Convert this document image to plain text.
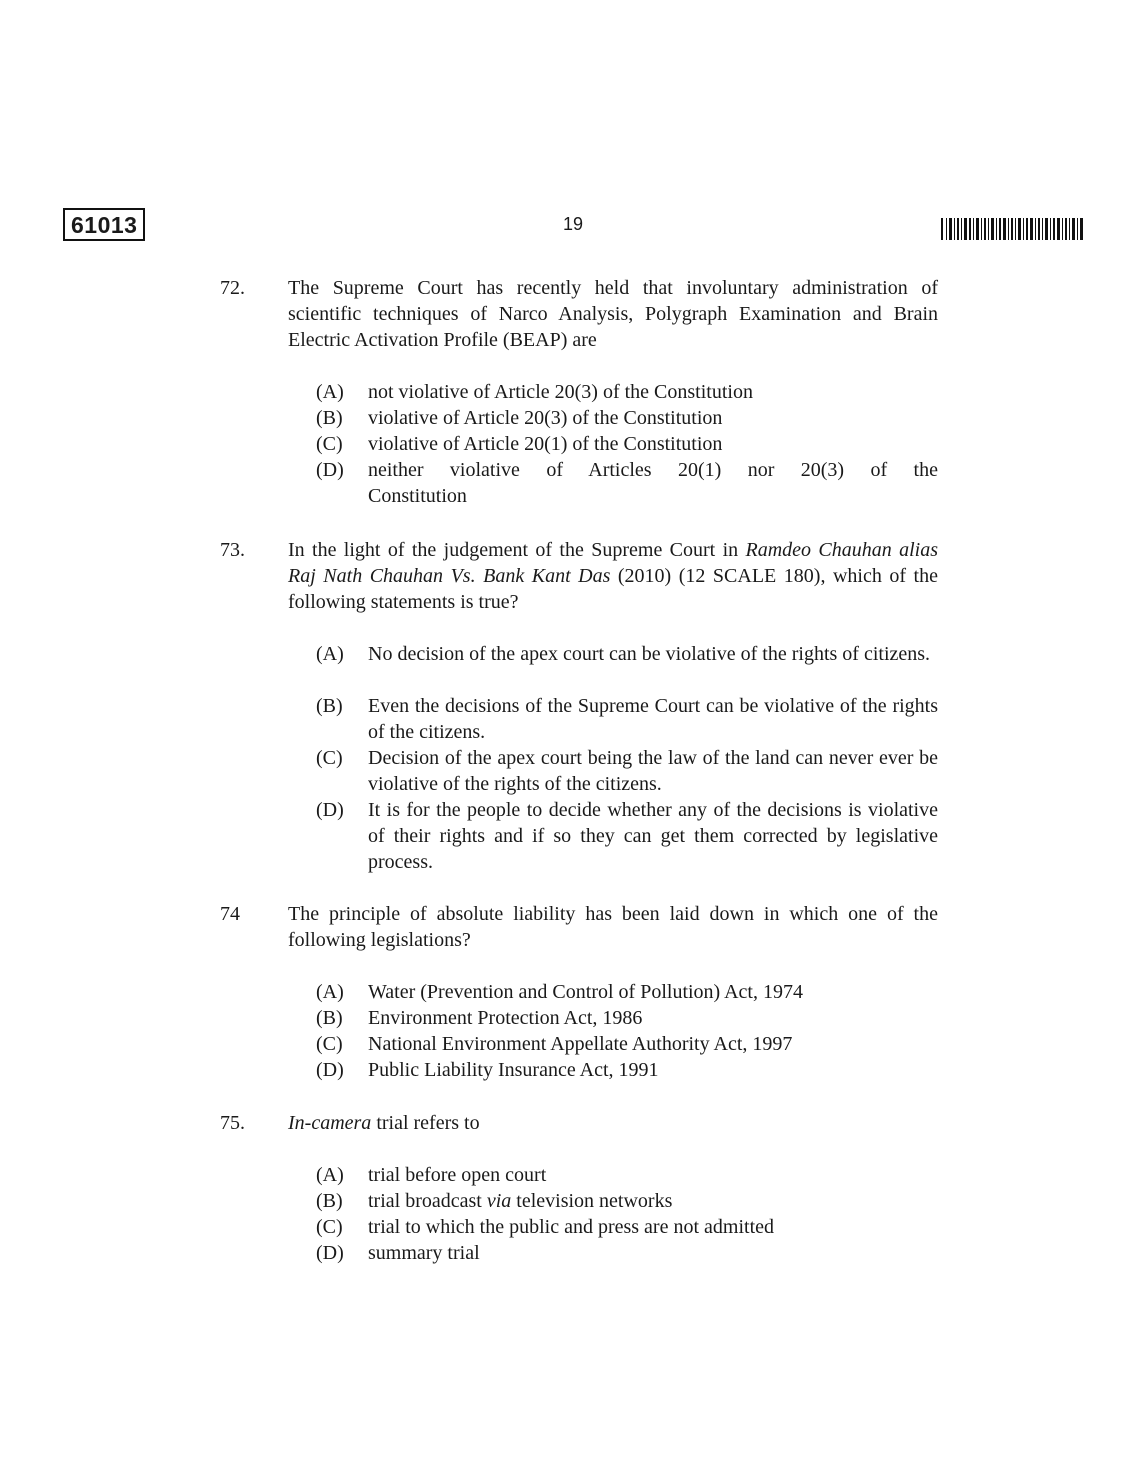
61013	19
72. The Supreme Court has recently held that involuntary administration of scientific techniques of Narco Analysis, Polygraph Examination and Brain Electric Activation Profile (BEAP) are
(A) not violative of Article 20(3) of the Constitution
(B) violative of Article 20(3) of the Constitution
(C) violative of Article 20(1) of the Constitution
(D) neither violative of Articles 20(1) nor 20(3) of the
Constitution
73. In the light of the judgement of the Supreme Court in Ramdeo Chauhan alias Raj Nath Chauhan Vs. Bank Kant Das (2010) (12 SCALE 180), which of the following statements is true?
(A) No decision of the apex court can be violative of the rights of citizens.
(B) Even the decisions of the Supreme Court can be violative of the rights of the citizens.
(C) Decision of the apex court being the law of the land can never ever be violative of the rights of the citizens.
(D) It is for the people to decide whether any of the decisions is violative of their rights and if so they can get them corrected by legislative process.
74 The principle of absolute liability has been laid down in which one of the following legislations?
(A) Water (Prevention and Control of Pollution) Act, 1974
(B) Environment Protection Act, 1986
(C) National Environment Appellate Authority Act, 1997
(D) Public Liability Insurance Act, 1991
75. In-camera trial refers to
(A) trial before open court
(B) trial broadcast via television networks
(C) trial to which the public and press are not admitted
(D) summary trial
